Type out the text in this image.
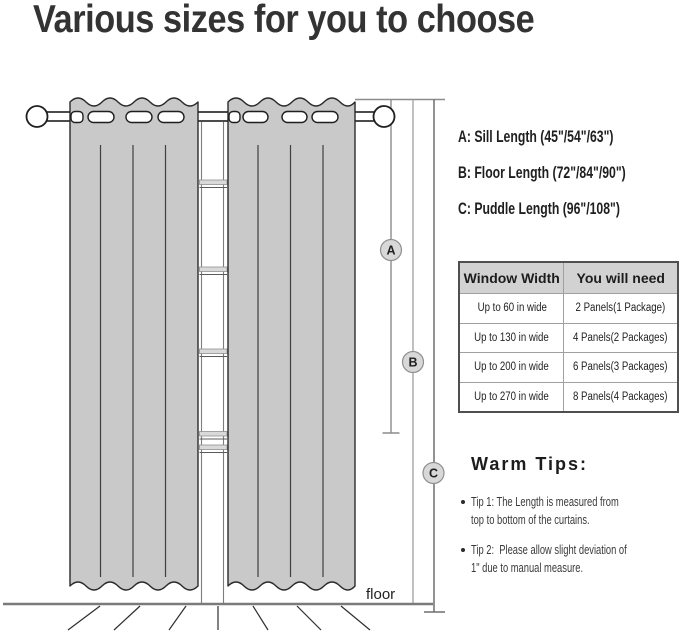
Various sizes for you to choose
floor
A
B
C
A: Sill Length (45"/54"/63")
B: Floor Length (72"/84"/90")
C: Puddle Length (96"/108")
Window Width	You will need
Up to 60 in wide	2 Panels(1 Package)
Up to 130 in wide	4 Panels(2 Packages)
Up to 200 in wide	6 Panels(3 Packages)
Up to 270 in wide	8 Panels(4 Packages)
Warm Tips:
Tip 1: The Length is measured from
top to bottom of the curtains.
Tip 2:  Please allow slight deviation of
1" due to manual measure.
